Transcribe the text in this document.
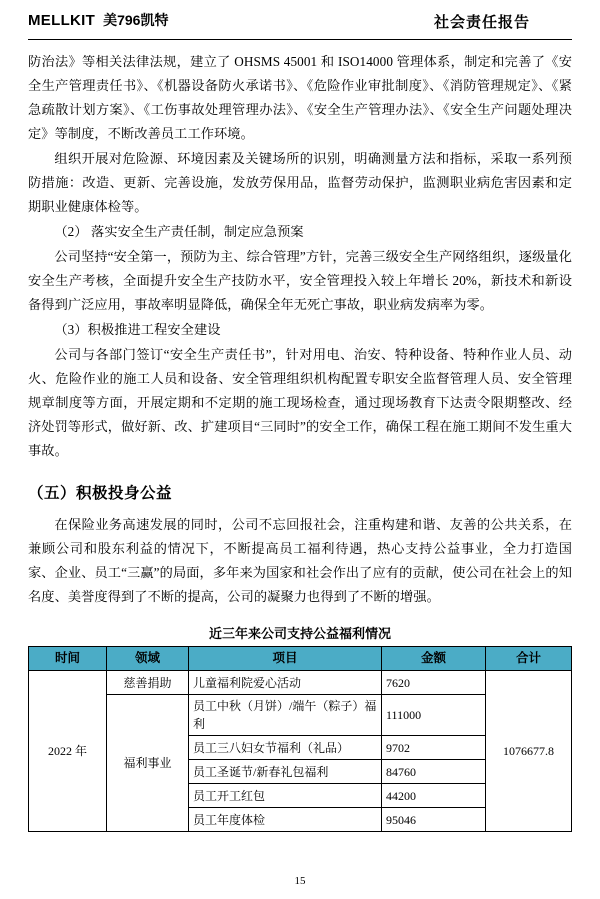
MELLKIT 美796凯特	社会责任报告

防治法》等相关法律法规，建立了 OHSMS 45001 和 ISO14000 管理体系，制定和完善了《安全生产管理责任书》、《机器设备防火承诺书》、《危险作业审批制度》、《消防管理规定》、《紧急疏散计划方案》、《工伤事故处理管理办法》、《安全生产管理办法》、《安全生产问题处理决定》等制度，不断改善员工工作环境。

组织开展对危险源、环境因素及关键场所的识别，明确测量方法和指标，采取一系列预防措施：改造、更新、完善设施，发放劳保用品，监督劳动保护，监测职业病危害因素和定期职业健康体检等。

（2） 落实安全生产责任制，制定应急预案

公司坚持“安全第一，预防为主、综合管理”方针，完善三级安全生产网络组织，逐级量化安全生产考核，全面提升安全生产技防水平，安全管理投入较上年增长 20%，新技术和新设备得到广泛应用，事故率明显降低，确保全年无死亡事故，职业病发病率为零。

（3）积极推进工程安全建设

公司与各部门签订“安全生产责任书”，针对用电、治安、特种设备、特种作业人员、动火、危险作业的施工人员和设备、安全管理组织机构配置专职安全监督管理人员、安全管理规章制度等方面，开展定期和不定期的施工现场检查，通过现场教育下达责令限期整改、经济处罚等形式，做好新、改、扩建项目“三同时”的安全工作，确保工程在施工期间不发生重大事故。

（五）积极投身公益

在保险业务高速发展的同时，公司不忘回报社会，注重构建和谐、友善的公共关系，在兼顾公司和股东利益的情况下，不断提高员工福利待遇，热心支持公益事业，全力打造国家、企业、员工“三赢”的局面，多年来为国家和社会作出了应有的贡献，使公司在社会上的知名度、美誉度得到了不断的提高，公司的凝聚力也得到了不断的增强。

近三年来公司支持公益福利情况
时间	领域	项目	金额	合计
2022 年	慈善捐助	儿童福利院爱心活动	7620	1076677.8
	福利事业	员工中秋（月饼）/端午（粽子）福利	111000	
		员工三八妇女节福利（礼品）	9702	
		员工圣诞节/新春礼包福利	84760	
		员工开工红包	44200	
		员工年度体检	95046	
15
